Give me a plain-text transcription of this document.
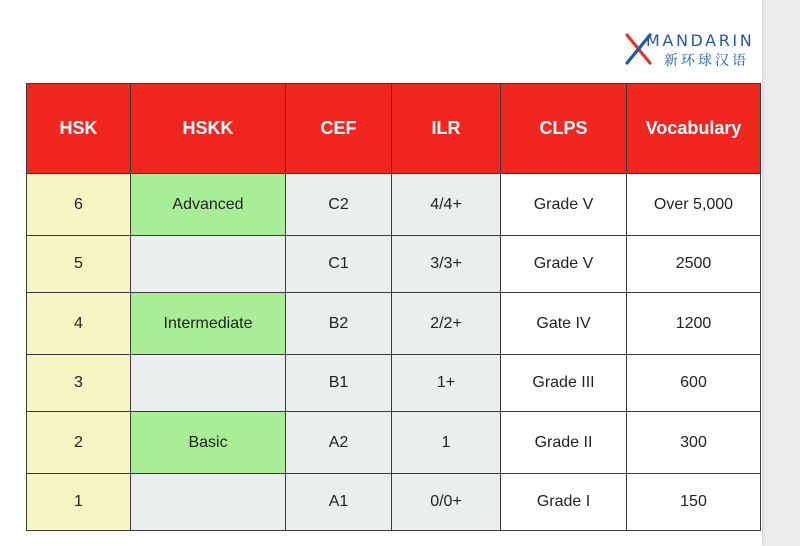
MANDARIN
新环球汉语
HSK	HSKK	CEF	ILR	CLPS	Vocabulary
6	Advanced	C2	4/4+	Grade V	Over 5,000
5		C1	3/3+	Grade V	2500
4	Intermediate	B2	2/2+	Gate IV	1200
3		B1	1+	Grade III	600
2	Basic	A2	1	Grade II	300
1		A1	0/0+	Grade I	150
